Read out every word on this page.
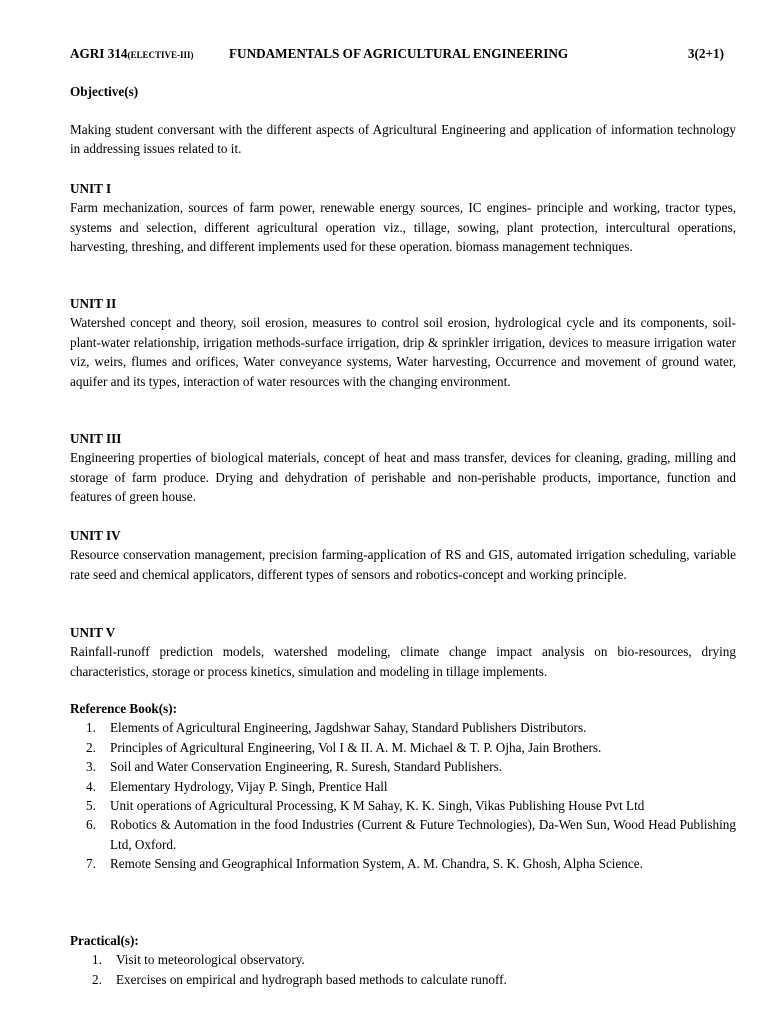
AGRI 314(ELECTIVE-III)	FUNDAMENTALS OF AGRICULTURAL ENGINEERING	3(2+1)
Objective(s)

Making student conversant with the different aspects of Agricultural Engineering and application of information technology in addressing issues related to it.

UNIT I

Farm mechanization, sources of farm power, renewable energy sources, IC engines- principle and working, tractor types, systems and selection, different agricultural operation viz., tillage, sowing, plant protection, intercultural operations, harvesting, threshing, and different implements used for these operation. biomass management techniques.

UNIT II

Watershed concept and theory, soil erosion, measures to control soil erosion, hydrological cycle and its components, soil-plant-water relationship, irrigation methods-surface irrigation, drip & sprinkler irrigation, devices to measure irrigation water viz, weirs, flumes and orifices, Water conveyance systems, Water harvesting, Occurrence and movement of ground water, aquifer and its types, interaction of water resources with the changing environment.

UNIT III

Engineering properties of biological materials, concept of heat and mass transfer, devices for cleaning, grading, milling and storage of farm produce. Drying and dehydration of perishable and non-perishable products, importance, function and features of green house.

UNIT IV

Resource conservation management, precision farming-application of RS and GIS, automated irrigation scheduling, variable rate seed and chemical applicators, different types of sensors and robotics-concept and working principle.

UNIT V

Rainfall-runoff prediction models, watershed modeling, climate change impact analysis on bio-resources, drying characteristics, storage or process kinetics, simulation and modeling in tillage implements.

Reference Book(s):
1. Elements of Agricultural Engineering, Jagdshwar Sahay, Standard Publishers Distributors.
2. Principles of Agricultural Engineering, Vol I & II. A. M. Michael & T. P. Ojha, Jain Brothers.
3. Soil and Water Conservation Engineering, R. Suresh, Standard Publishers.
4. Elementary Hydrology, Vijay P. Singh, Prentice Hall
5. Unit operations of Agricultural Processing, K M Sahay, K. K. Singh, Vikas Publishing House Pvt Ltd
6. Robotics & Automation in the food Industries (Current & Future Technologies), Da-Wen Sun, Wood Head Publishing Ltd, Oxford.
7. Remote Sensing and Geographical Information System, A. M. Chandra, S. K. Ghosh, Alpha Science.
Practical(s):
1. Visit to meteorological observatory.
2. Exercises on empirical and hydrograph based methods to calculate runoff.
